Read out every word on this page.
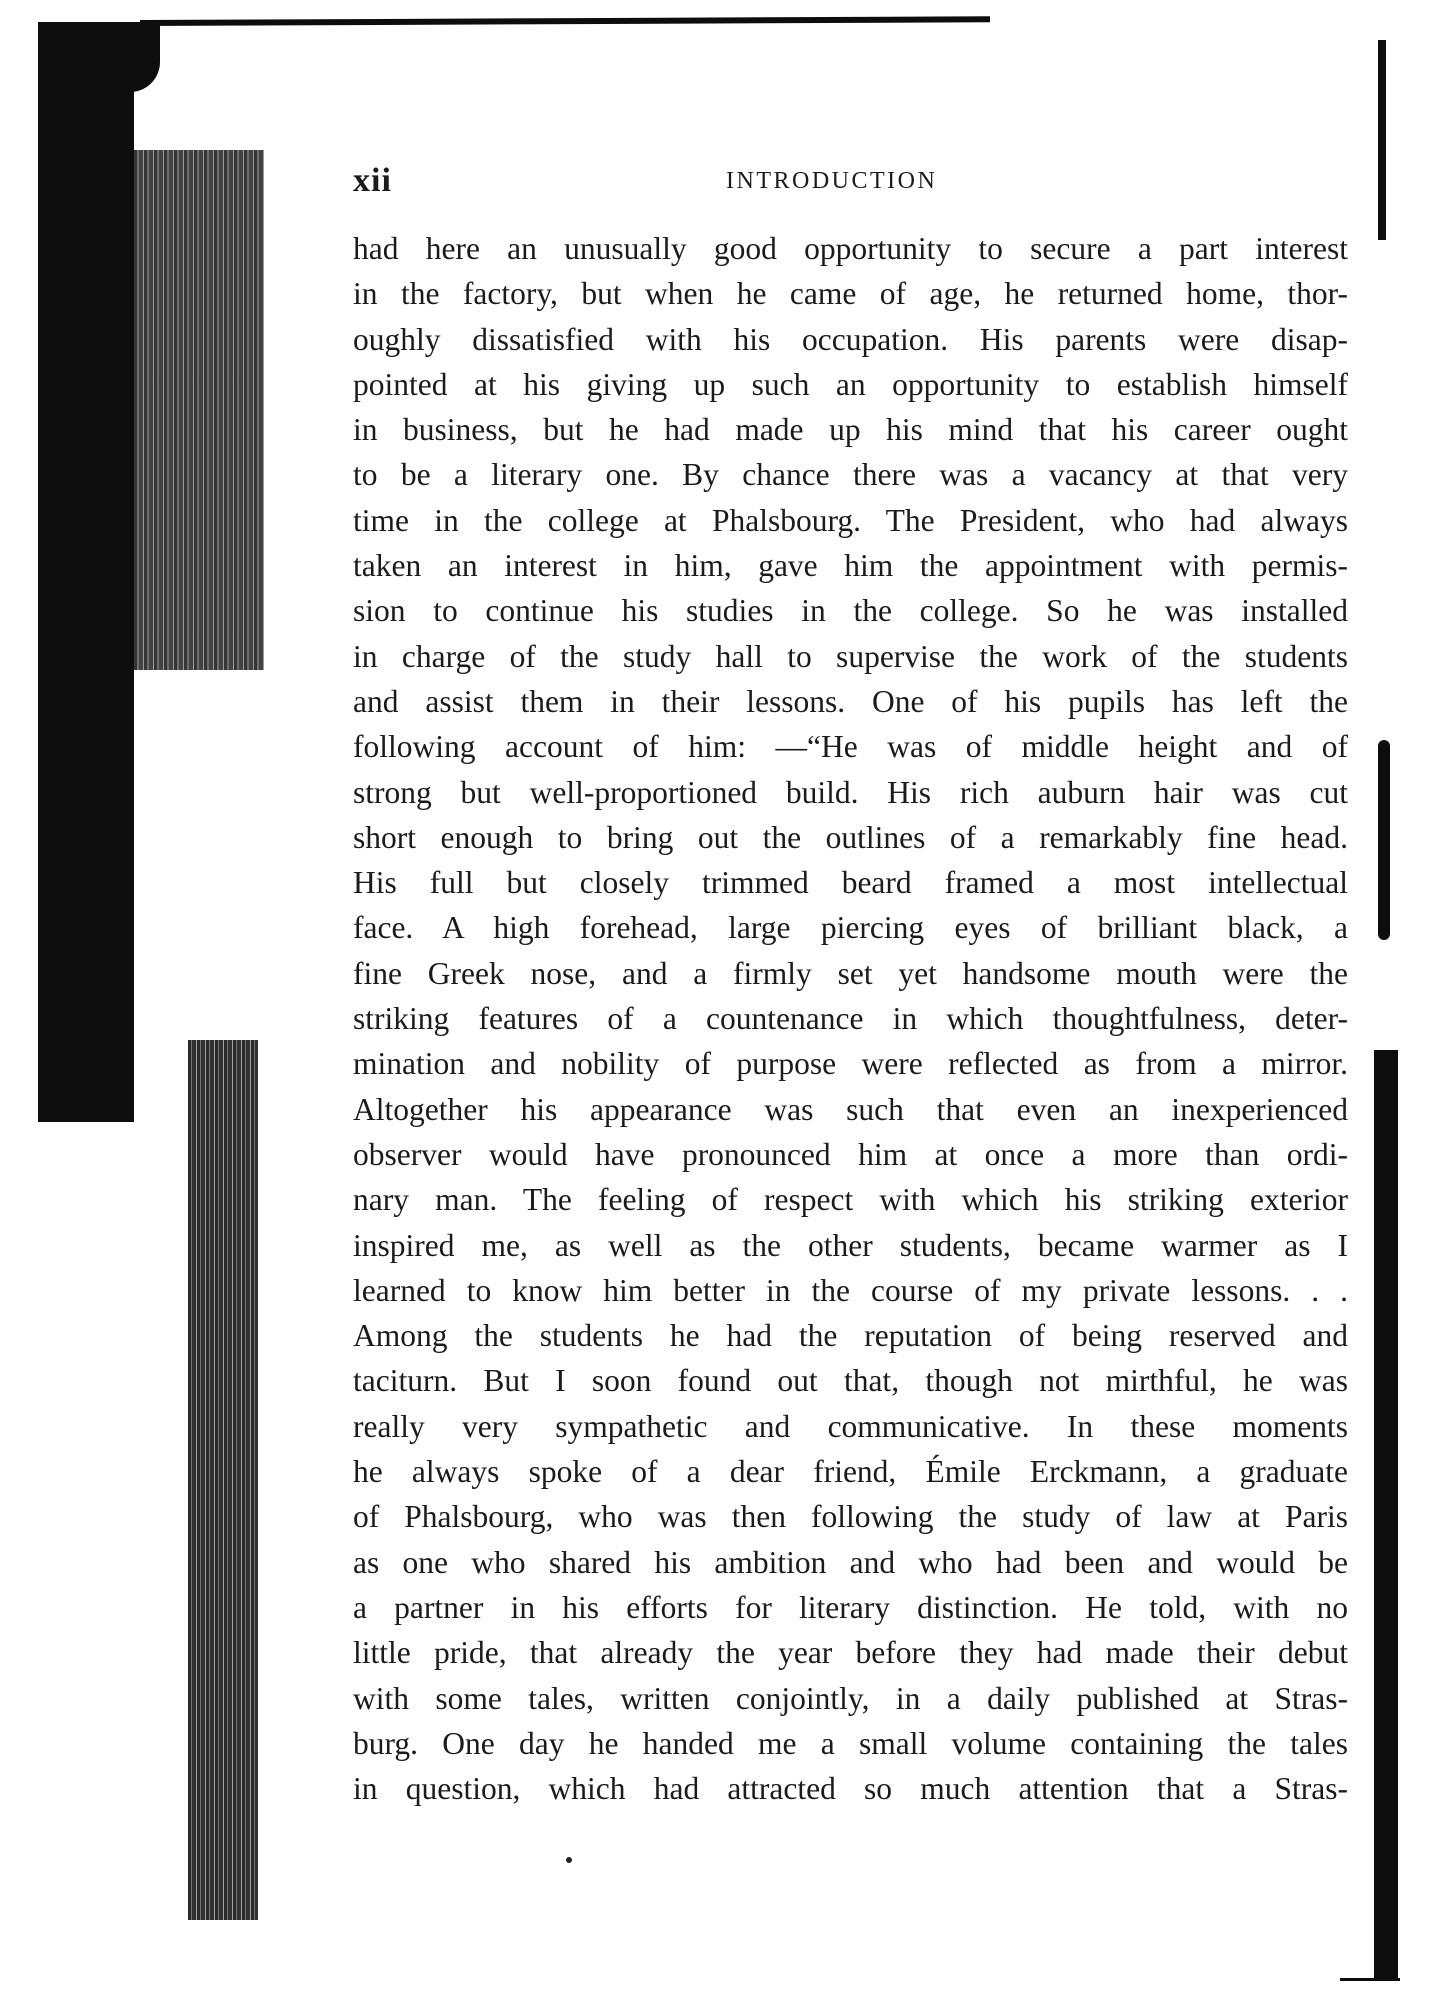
xii	INTRODUCTION
had here an unusually good opportunity to secure a part interest
in the factory, but when he came of age, he returned home, thor-
oughly dissatisfied with his occupation. His parents were disap-
pointed at his giving up such an opportunity to establish himself
in business, but he had made up his mind that his career ought
to be a literary one. By chance there was a vacancy at that very
time in the college at Phalsbourg. The President, who had always
taken an interest in him, gave him the appointment with permis-
sion to continue his studies in the college. So he was installed
in charge of the study hall to supervise the work of the students
and assist them in their lessons. One of his pupils has left the
following account of him: —“He was of middle height and of
strong but well-proportioned build. His rich auburn hair was cut
short enough to bring out the outlines of a remarkably fine head.
His full but closely trimmed beard framed a most intellectual
face. A high forehead, large piercing eyes of brilliant black, a
fine Greek nose, and a firmly set yet handsome mouth were the
striking features of a countenance in which thoughtfulness, deter-
mination and nobility of purpose were reflected as from a mirror.
Altogether his appearance was such that even an inexperienced
observer would have pronounced him at once a more than ordi-
nary man. The feeling of respect with which his striking exterior
inspired me, as well as the other students, became warmer as I
learned to know him better in the course of my private lessons. . .
Among the students he had the reputation of being reserved and
taciturn. But I soon found out that, though not mirthful, he was
really very sympathetic and communicative. In these moments
he always spoke of a dear friend, Émile Erckmann, a graduate
of Phalsbourg, who was then following the study of law at Paris
as one who shared his ambition and who had been and would be
a partner in his efforts for literary distinction. He told, with no
little pride, that already the year before they had made their debut
with some tales, written conjointly, in a daily published at Stras-
burg. One day he handed me a small volume containing the tales
in question, which had attracted so much attention that a Stras-
